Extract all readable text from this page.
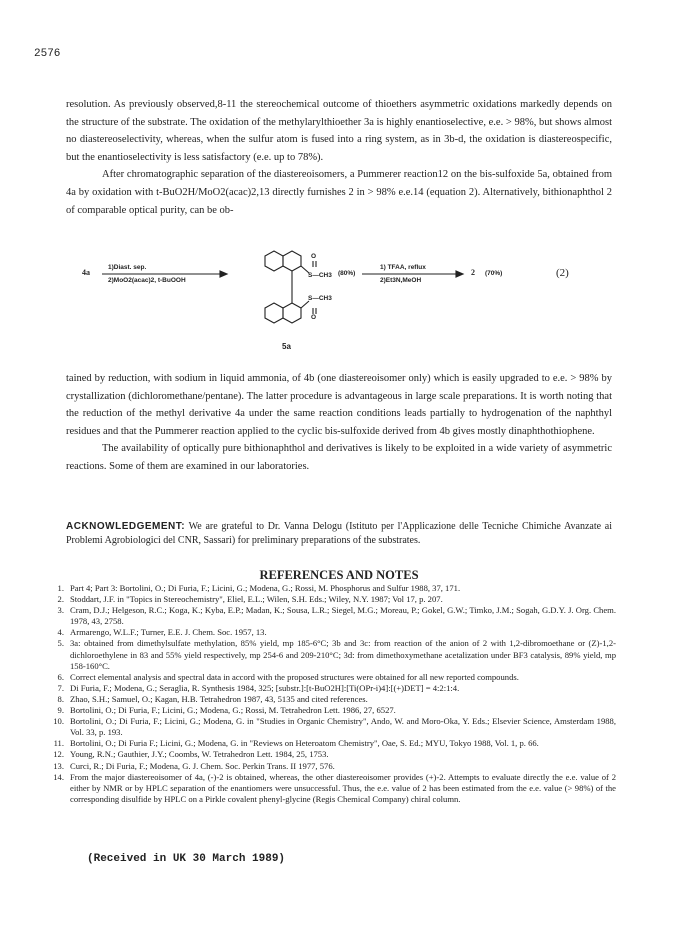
2576

resolution. As previously observed,8-11 the stereochemical outcome of thioethers asymmetric oxidations markedly depends on the structure of the substrate. The oxidation of the methylarylthioether 3a is highly enantioselective, e.e. > 98%, but shows almost no diastereoselectivity, whereas, when the sulfur atom is fused into a ring system, as in 3b-d, the oxidation is diastereospecific, but the enantioselectivity is less satisfactory (e.e. up to 78%).

After chromatographic separation of the diastereoisomers, a Pummerer reaction12 on the bis-sulfoxide 5a, obtained from 4a by oxidation with t-BuO2H/MoO2(acac)2,13 directly furnishes 2 in > 98% e.e.14 (equation 2). Alternatively, bithionaphthol 2 of comparable optical purity, can be ob-

4a
1)Diast. sep.
2)MoO2(acac)2, t-BuOOH
O
S—CH3
S—CH3
O
(80%)
1) TFAA, reflux
2)Et3N,MeOH
2 (70%)
5a
(2)

tained by reduction, with sodium in liquid ammonia, of 4b (one diastereoisomer only) which is easily upgraded to e.e. > 98% by crystallization (dichloromethane/pentane). The latter procedure is advantageous in large scale preparations. It is worth noting that the reduction of the methyl derivative 4a under the same reaction conditions leads partially to hydrogenation of the naphthyl residues and that the Pummerer reaction applied to the cyclic bis-sulfoxide derived from 4b gives mostly dinaphthothiophene.

The availability of optically pure bithionaphthol and derivatives is likely to be exploited in a wide variety of asymmetric reactions. Some of them are examined in our laboratories.

ACKNOWLEDGEMENT: We are grateful to Dr. Vanna Delogu (Istituto per l'Applicazione delle Tecniche Chimiche Avanzate ai Problemi Agrobiologici del CNR, Sassari) for preliminary preparations of the substrates.
REFERENCES AND NOTES
1. Part 4; Part 3: Bortolini, O.; Di Furia, F.; Licini, G.; Modena, G.; Rossi, M. Phosphorus and Sulfur 1988, 37, 171.
2. Stoddart, J.F. in "Topics in Stereochemistry", Eliel, E.L.; Wilen, S.H. Eds.; Wiley, N.Y. 1987; Vol 17, p. 207.
3. Cram, D.J.; Helgeson, R.C.; Koga, K.; Kyba, E.P.; Madan, K.; Sousa, L.R.; Siegel, M.G.; Moreau, P.; Gokel, G.W.; Timko, J.M.; Sogah, G.D.Y. J. Org. Chem. 1978, 43, 2758.
4. Armarengo, W.L.F.; Turner, E.E. J. Chem. Soc. 1957, 13.
5. 3a: obtained from dimethylsulfate methylation, 85% yield, mp 185-6°C; 3b and 3c: from reaction of the anion of 2 with 1,2-dibromoethane or (Z)-1,2-dichloroethylene in 83 and 55% yield respectively, mp 254-6 and 209-210°C; 3d: from dimethoxymethane acetalization under BF3 catalysis, 89% yield, mp 158-160°C.
6. Correct elemental analysis and spectral data in accord with the proposed structures were obtained for all new reported compounds.
7. Di Furia, F.; Modena, G.; Seraglia, R. Synthesis 1984, 325; [substr.]:[t-BuO2H]:[Ti(OPr-i)4]:[(+)DET] = 4:2:1:4.
8. Zhao, S.H.; Samuel, O.; Kagan, H.B. Tetrahedron 1987, 43, 5135 and cited references.
9. Bortolini, O.; Di Furia, F.; Licini, G.; Modena, G.; Rossi, M. Tetrahedron Lett. 1986, 27, 6527.
10. Bortolini, O.; Di Furia, F.; Licini, G.; Modena, G. in "Studies in Organic Chemistry", Ando, W. and Moro-Oka, Y. Eds.; Elsevier Science, Amsterdam 1988, Vol. 33, p. 193.
11. Bortolini, O.; Di Furia F.; Licini, G.; Modena, G. in "Reviews on Heteroatom Chemistry", Oae, S. Ed.; MYU, Tokyo 1988, Vol. 1, p. 66.
12. Young, R.N.; Gauthier, J.Y.; Coombs, W. Tetrahedron Lett. 1984, 25, 1753.
13. Curci, R.; Di Furia, F.; Modena, G. J. Chem. Soc. Perkin Trans. II 1977, 576.
14. From the major diastereoisomer of 4a, (-)-2 is obtained, whereas, the other diastereoisomer provides (+)-2. Attempts to evaluate directly the e.e. value of 2 either by NMR or by HPLC separation of the enantiomers were unsuccessful. Thus, the e.e. value of 2 has been estimated from the e.e. value (> 98%) of the corresponding disulfide by HPLC on a Pirkle covalent phenyl-glycine (Regis Chemical Company) chiral column.
(Received in UK 30 March 1989)
